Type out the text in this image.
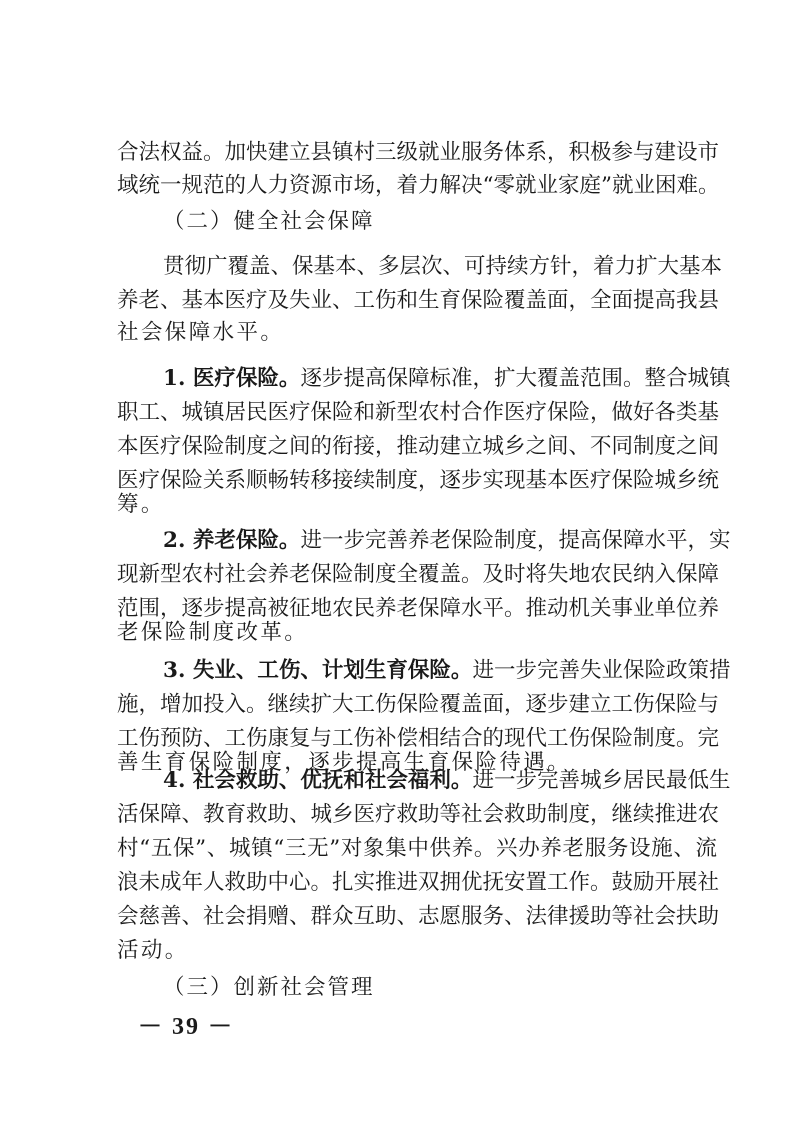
合法权益。加快建立县镇村三级就业服务体系，积极参与建设市
域统一规范的人力资源市场，着力解决“零就业家庭”就业困难。
（二）健全社会保障
贯彻广覆盖、保基本、多层次、可持续方针，着力扩大基本
养老、基本医疗及失业、工伤和生育保险覆盖面，全面提高我县
社会保障水平。
1. 医疗保险。逐步提高保障标准，扩大覆盖范围。整合城镇
职工、城镇居民医疗保险和新型农村合作医疗保险，做好各类基
本医疗保险制度之间的衔接，推动建立城乡之间、不同制度之间
医疗保险关系顺畅转移接续制度，逐步实现基本医疗保险城乡统
筹。
2. 养老保险。进一步完善养老保险制度，提高保障水平，实
现新型农村社会养老保险制度全覆盖。及时将失地农民纳入保障
范围，逐步提高被征地农民养老保障水平。推动机关事业单位养
老保险制度改革。
3. 失业、工伤、计划生育保险。进一步完善失业保险政策措
施，增加投入。继续扩大工伤保险覆盖面，逐步建立工伤保险与
工伤预防、工伤康复与工伤补偿相结合的现代工伤保险制度。完
善生育保险制度，逐步提高生育保险待遇。
4. 社会救助、优抚和社会福利。进一步完善城乡居民最低生
活保障、教育救助、城乡医疗救助等社会救助制度，继续推进农
村“五保”、城镇“三无”对象集中供养。兴办养老服务设施、流
浪未成年人救助中心。扎实推进双拥优抚安置工作。鼓励开展社
会慈善、社会捐赠、群众互助、志愿服务、法律援助等社会扶助
活动。
（三）创新社会管理
－ 39 －
